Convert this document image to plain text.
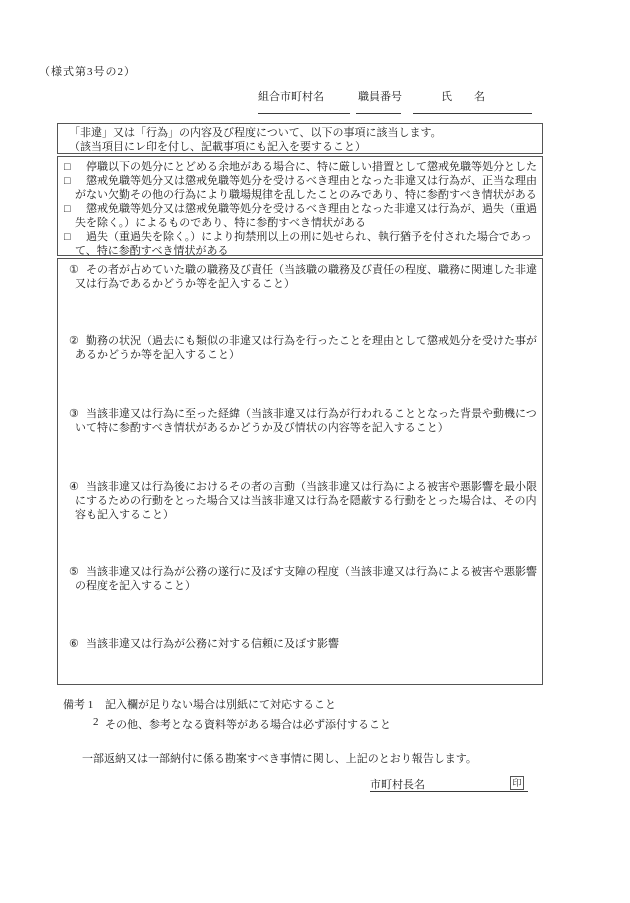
（様式第3号の2）
組合市町村名	職員番号	氏　　名
「非違」又は「行為」の内容及び程度について、以下の事項に該当します。
（該当項目にレ印を付し、記載事項にも記入を要すること）
□ 停職以下の処分にとどめる余地がある場合に、特に厳しい措置として懲戒免職等処分とした
□ 懲戒免職等処分又は懲戒免職等処分を受けるべき理由となった非違又は行為が、正当な理由
がない欠勤その他の行為により職場規律を乱したことのみであり、特に参酌すべき情状がある
□ 懲戒免職等処分又は懲戒免職等処分を受けるべき理由となった非違又は行為が、過失（重過
失を除く。）によるものであり、特に参酌すべき情状がある
□ 過失（重過失を除く。）により拘禁刑以上の刑に処せられ、執行猶予を付された場合であっ
て、特に参酌すべき情状がある
① その者が占めていた職の職務及び責任（当該職の職務及び責任の程度、職務に関連した非違
又は行為であるかどうか等を記入すること）
② 勤務の状況（過去にも類似の非違又は行為を行ったことを理由として懲戒処分を受けた事が
あるかどうか等を記入すること）
③ 当該非違又は行為に至った経緯（当該非違又は行為が行われることとなった背景や動機につ
いて特に参酌すべき情状があるかどうか及び情状の内容等を記入すること）
④ 当該非違又は行為後におけるその者の言動（当該非違又は行為による被害や悪影響を最小限
にするための行動をとった場合又は当該非違又は行為を隠蔽する行動をとった場合は、その内
容も記入すること）
⑤ 当該非違又は行為が公務の遂行に及ぼす支障の程度（当該非違又は行為による被害や悪影響
の程度を記入すること）
⑥ 当該非違又は行為が公務に対する信頼に及ぼす影響
備考 1 記入欄が足りない場合は別紙にて対応すること
2 その他、参考となる資料等がある場合は必ず添付すること
一部返納又は一部納付に係る勘案すべき事情に関し、上記のとおり報告します。
市町村長名	印
